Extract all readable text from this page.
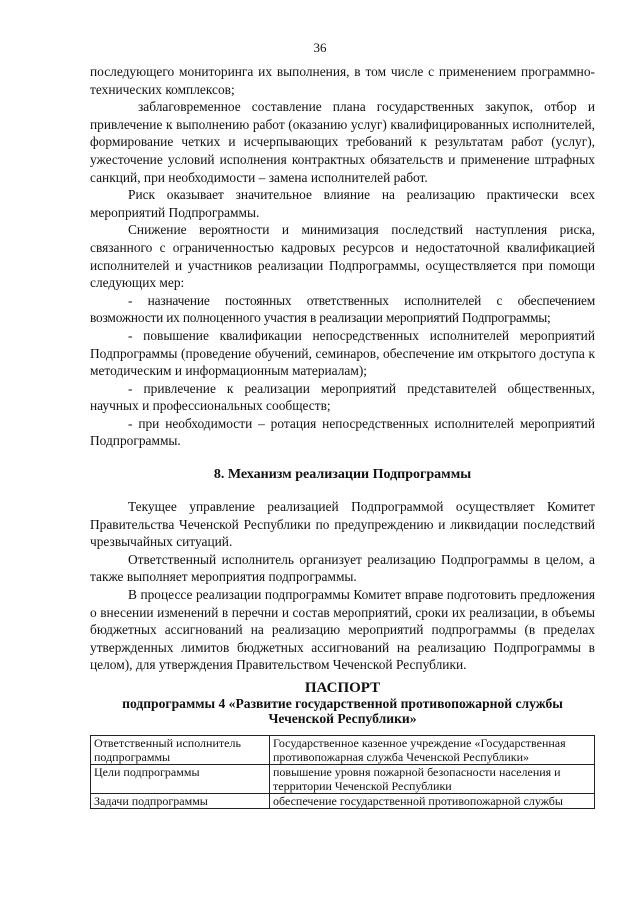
36

последующего мониторинга их выполнения, в том числе с применением программно-технических комплексов;

заблаговременное составление плана государственных закупок, отбор и привлечение к выполнению работ (оказанию услуг) квалифицированных исполнителей, формирование четких и исчерпывающих требований к результатам работ (услуг), ужесточение условий исполнения контрактных обязательств и применение штрафных санкций, при необходимости – замена исполнителей работ.

Риск оказывает значительное влияние на реализацию практически всех мероприятий Подпрограммы.

Снижение вероятности и минимизация последствий наступления риска, связанного с ограниченностью кадровых ресурсов и недостаточной квалификацией исполнителей и участников реализации Подпрограммы, осуществляется при помощи следующих мер:

- назначение постоянных ответственных исполнителей с обеспечением возможности их полноценного участия в реализации мероприятий Подпрограммы;

- повышение квалификации непосредственных исполнителей мероприятий Подпрограммы (проведение обучений, семинаров, обеспечение им открытого доступа к методическим и информационным материалам);

- привлечение к реализации мероприятий представителей общественных, научных и профессиональных сообществ;

- при необходимости – ротация непосредственных исполнителей мероприятий Подпрограммы.

8. Механизм реализации Подпрограммы

Текущее управление реализацией Подпрограммой осуществляет Комитет Правительства Чеченской Республики по предупреждению и ликвидации последствий чрезвычайных ситуаций.

Ответственный исполнитель организует реализацию Подпрограммы в целом, а также выполняет мероприятия подпрограммы.

В процессе реализации подпрограммы Комитет вправе подготовить предложения о внесении изменений в перечни и состав мероприятий, сроки их реализации, в объемы бюджетных ассигнований на реализацию мероприятий подпрограммы (в пределах утвержденных лимитов бюджетных ассигнований на реализацию Подпрограммы в целом), для утверждения Правительством Чеченской Республики.

ПАСПОРТ
подпрограммы 4 «Развитие государственной противопожарной службы Чеченской Республики»
Ответственный исполнитель подпрограммы	Государственное казенное учреждение «Государственная противопожарная служба Чеченской Республики»
Цели подпрограммы	повышение уровня пожарной безопасности населения и территории Чеченской Республики
Задачи подпрограммы	обеспечение государственной противопожарной службы
